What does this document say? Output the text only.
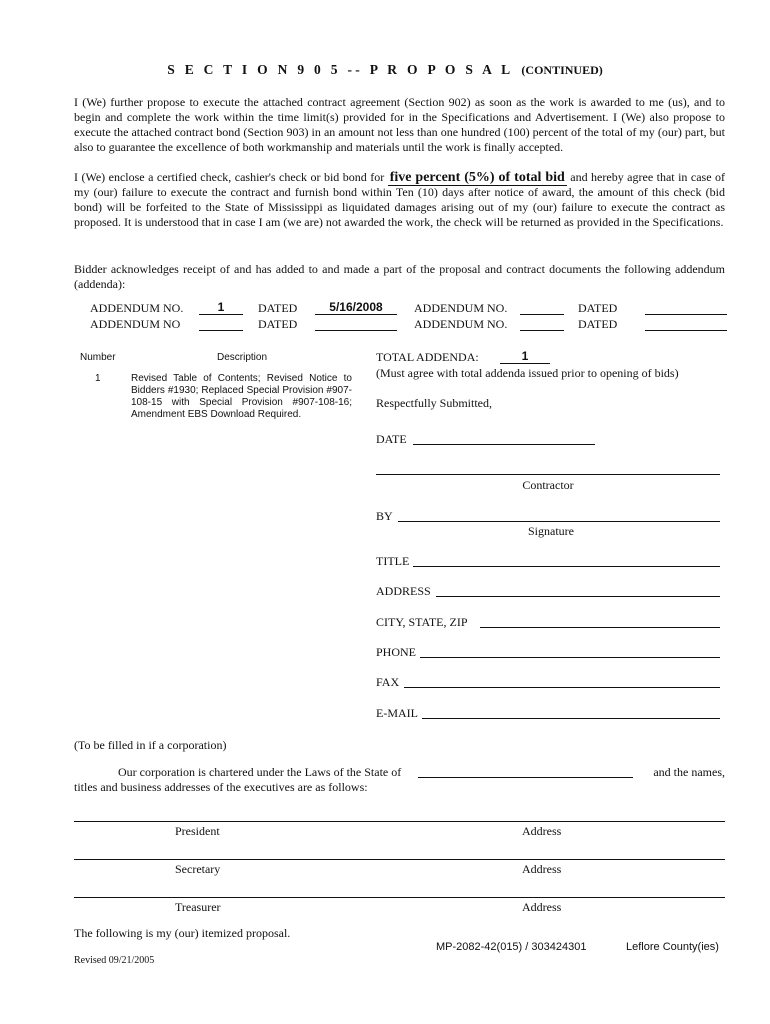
S E C T I O N 9 0 5 -- P R O P O S A L (CONTINUED)
I (We) further propose to execute the attached contract agreement (Section 902) as soon as the work is awarded to me (us), and to begin and complete the work within the time limit(s) provided for in the Specifications and Advertisement. I (We) also propose to execute the attached contract bond (Section 903) in an amount not less than one hundred (100) percent of the total of my (our) part, but also to guarantee the excellence of both workmanship and materials until the work is finally accepted.
I (We) enclose a certified check, cashier's check or bid bond for five percent (5%) of total bid and hereby agree that in case of my (our) failure to execute the contract and furnish bond within Ten (10) days after notice of award, the amount of this check (bid bond) will be forfeited to the State of Mississippi as liquidated damages arising out of my (our) failure to execute the contract as proposed. It is understood that in case I am (we are) not awarded the work, the check will be returned as provided in the Specifications.
Bidder acknowledges receipt of and has added to and made a part of the proposal and contract documents the following addendum (addenda):
ADDENDUM NO.	1	DATED	5/16/2008	ADDENDUM NO.	DATED
ADDENDUM NO	DATED	ADDENDUM NO.	DATED
Number	Description
1	Revised Table of Contents; Revised Notice to Bidders #1930; Replaced Special Provision #907-108-15 with Special Provision #907-108-16; Amendment EBS Download Required.
TOTAL ADDENDA:	1
(Must agree with total addenda issued prior to opening of bids)
Respectfully Submitted,
DATE
Contractor
BY
Signature
TITLE
ADDRESS
CITY, STATE, ZIP
PHONE
FAX
E-MAIL
(To be filled in if a corporation)
Our corporation is chartered under the Laws of the State of	and the names,
titles and business addresses of the executives are as follows:
President	Address
Secretary	Address
Treasurer	Address
The following is my (our) itemized proposal.
MP-2082-42(015) / 303424301	Leflore County(ies)
Revised 09/21/2005
